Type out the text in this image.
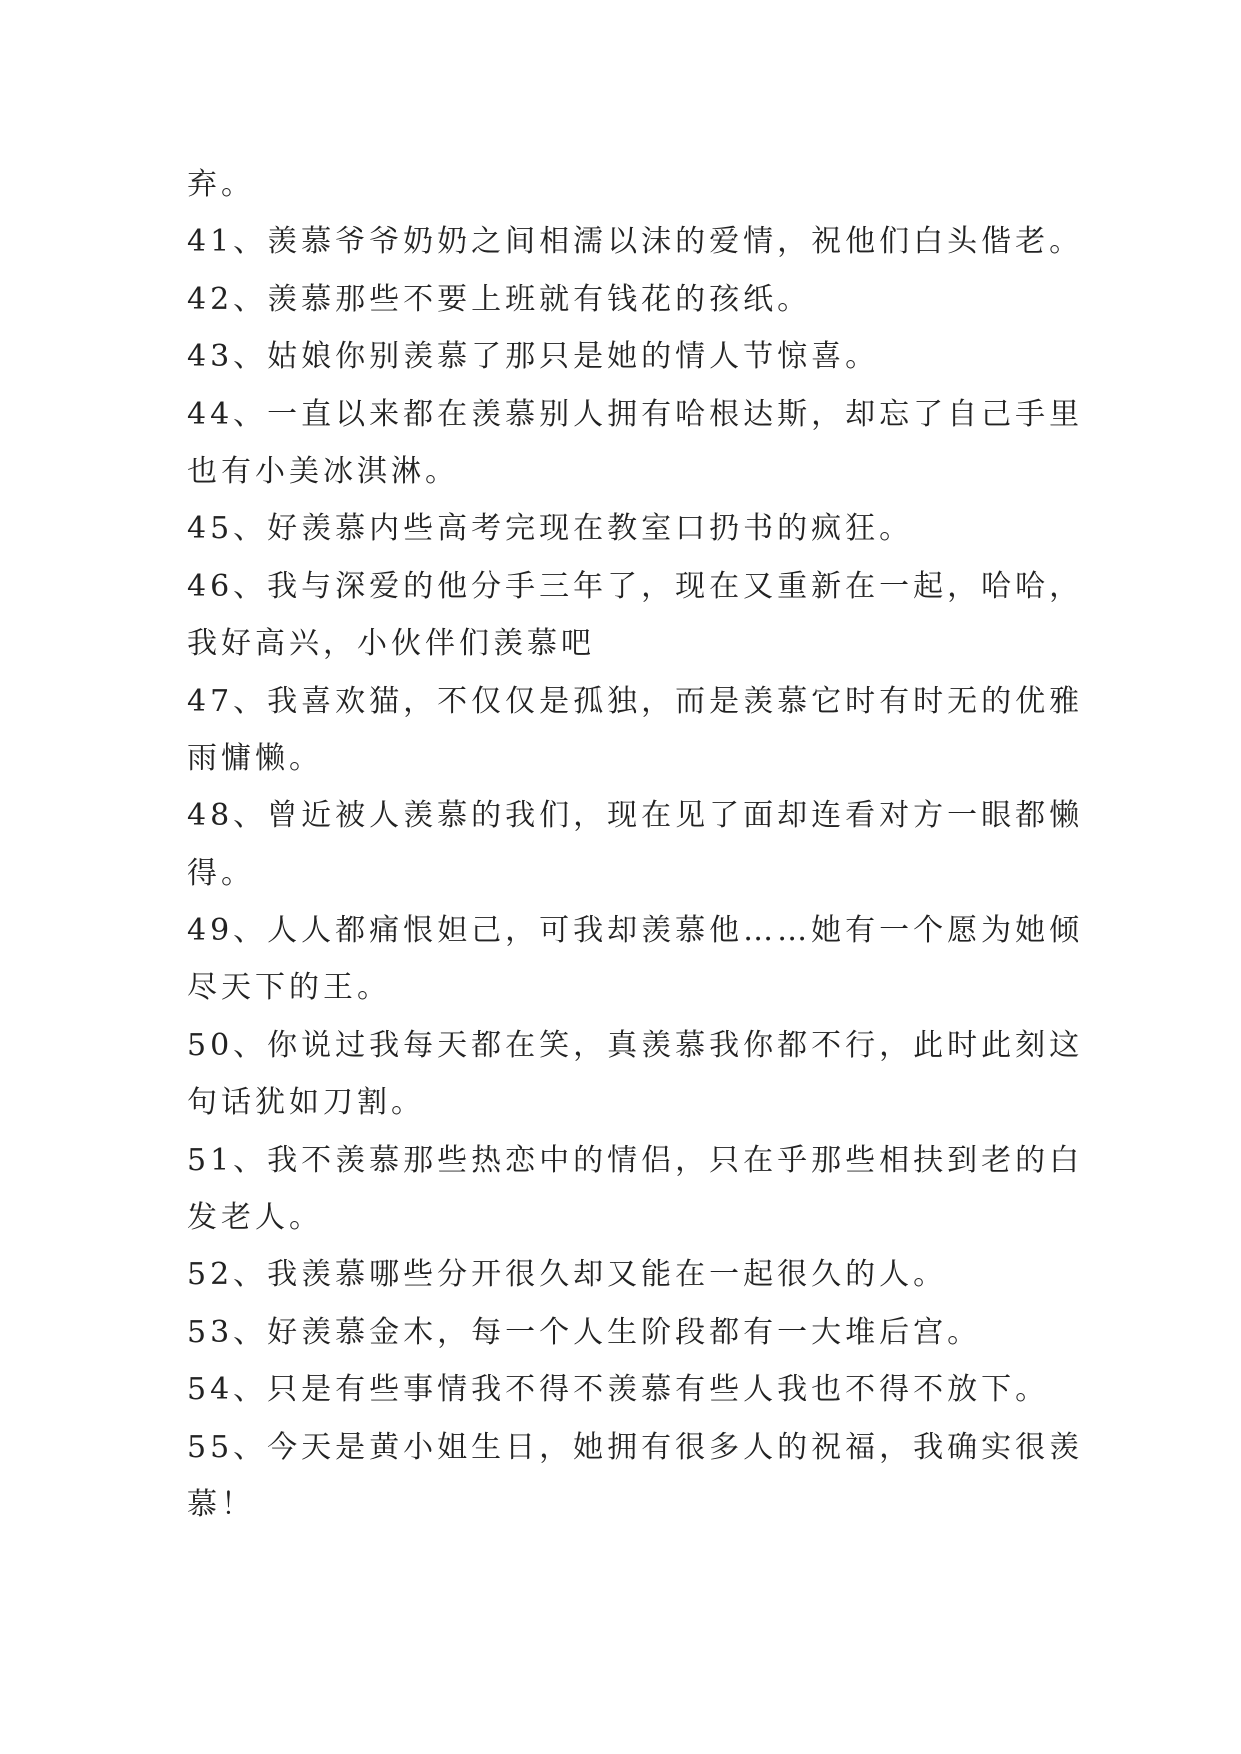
弃。
41、羡慕爷爷奶奶之间相濡以沫的爱情，祝他们白头偕老。
42、羡慕那些不要上班就有钱花的孩纸。
43、姑娘你别羡慕了那只是她的情人节惊喜。
44、一直以来都在羡慕别人拥有哈根达斯，却忘了自己手里
也有小美冰淇淋。
45、好羡慕内些高考完现在教室口扔书的疯狂。
46、我与深爱的他分手三年了，现在又重新在一起，哈哈，
我好高兴，小伙伴们羡慕吧
47、我喜欢猫，不仅仅是孤独，而是羡慕它时有时无的优雅
雨慵懒。
48、曾近被人羡慕的我们，现在见了面却连看对方一眼都懒
得。
49、人人都痛恨妲己，可我却羡慕他……她有一个愿为她倾
尽天下的王。
50、你说过我每天都在笑，真羡慕我你都不行，此时此刻这
句话犹如刀割。
51、我不羡慕那些热恋中的情侣，只在乎那些相扶到老的白
发老人。
52、我羡慕哪些分开很久却又能在一起很久的人。
53、好羡慕金木，每一个人生阶段都有一大堆后宫。
54、只是有些事情我不得不羡慕有些人我也不得不放下。
55、今天是黄小姐生日，她拥有很多人的祝福，我确实很羡
慕！
